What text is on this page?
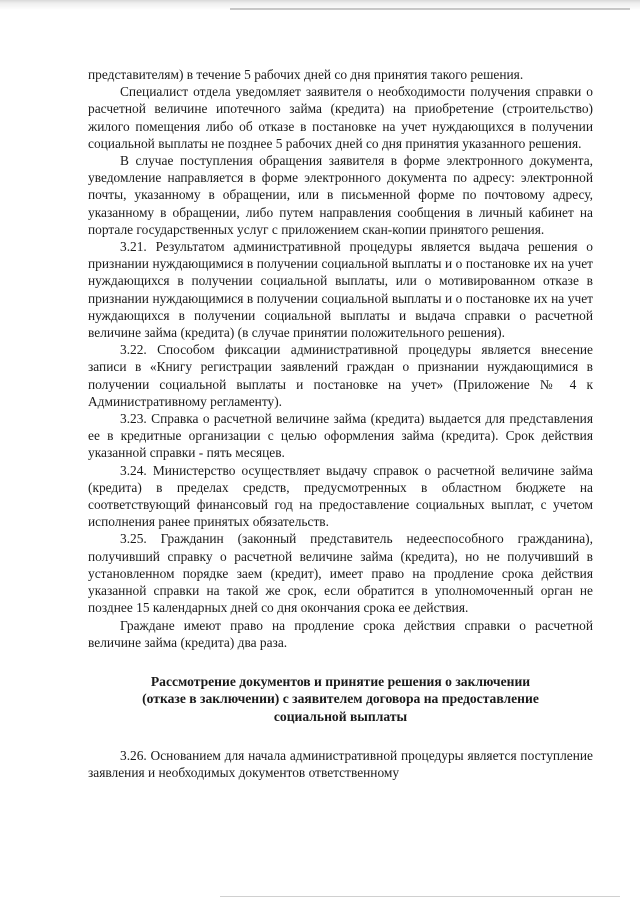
представителям) в течение 5 рабочих дней со дня принятия такого решения.

Специалист отдела уведомляет заявителя о необходимости получения справки о расчетной величине ипотечного займа (кредита) на приобретение (строительство) жилого помещения либо об отказе в постановке на учет нуждающихся в получении социальной выплаты не позднее 5 рабочих дней со дня принятия указанного решения.

В случае поступления обращения заявителя в форме электронного документа, уведомление направляется в форме электронного документа по адресу: электронной почты, указанному в обращении, или в письменной форме по почтовому адресу, указанному в обращении, либо путем направления сообщения в личный кабинет на портале государственных услуг с приложением скан-копии принятого решения.

3.21. Результатом административной процедуры является выдача решения о признании нуждающимися в получении социальной выплаты и о постановке их на учет нуждающихся в получении социальной выплаты, или о мотивированном отказе в признании нуждающимися в получении социальной выплаты и о постановке их на учет нуждающихся в получении социальной выплаты и выдача справки о расчетной величине займа (кредита) (в случае принятии положительного решения).

3.22. Способом фиксации административной процедуры является внесение записи в «Книгу регистрации заявлений граждан о признании нуждающимися в получении социальной выплаты и постановке на учет» (Приложение № 4 к Административному регламенту).

3.23. Справка о расчетной величине займа (кредита) выдается для представления ее в кредитные организации с целью оформления займа (кредита). Срок действия указанной справки - пять месяцев.

3.24. Министерство осуществляет выдачу справок о расчетной величине займа (кредита) в пределах средств, предусмотренных в областном бюджете на соответствующий финансовый год на предоставление социальных выплат, с учетом исполнения ранее принятых обязательств.

3.25. Гражданин (законный представитель недееспособного гражданина), получивший справку о расчетной величине займа (кредита), но не получивший в установленном порядке заем (кредит), имеет право на продление срока действия указанной справки на такой же срок, если обратится в уполномоченный орган не позднее 15 календарных дней со дня окончания срока ее действия.

Граждане имеют право на продление срока действия справки о расчетной величине займа (кредита) два раза.

Рассмотрение документов и принятие решения о заключении
(отказе в заключении) с заявителем договора на предоставление
социальной выплаты

3.26. Основанием для начала административной процедуры является поступление заявления и необходимых документов ответственному
